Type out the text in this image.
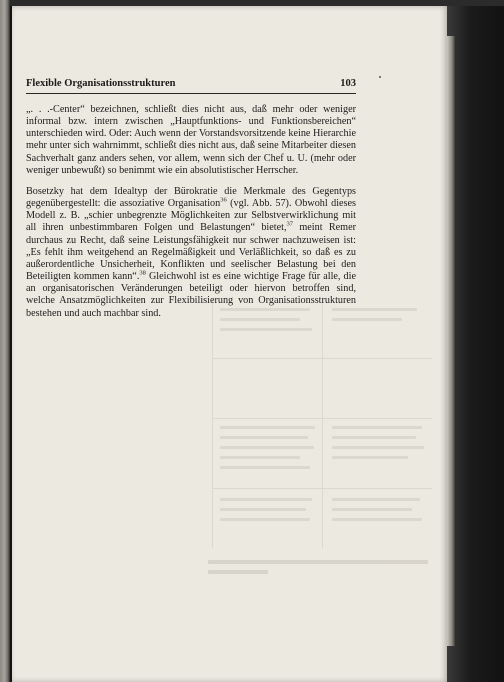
Flexible Organisationsstrukturen	103

„. . .-Center“ bezeichnen, schließt dies nicht aus, daß mehr oder weniger informal bzw. intern zwischen „Hauptfunktions- und Funktionsbereichen“ unterschieden wird. Oder: Auch wenn der Vorstandsvorsitzende keine Hierarchie mehr unter sich wahrnimmt, schließt dies nicht aus, daß seine Mitarbeiter diesen Sachverhalt ganz anders sehen, vor allem, wenn sich der Chef u. U. (mehr oder weniger unbewußt) so benimmt wie ein absolutistischer Herrscher.

Bosetzky hat dem Idealtyp der Bürokratie die Merkmale des Gegentyps gegenübergestellt: die assoziative Organisation$^{36}$ (vgl. Abb. 57). Obwohl dieses Modell z. B. „schier unbegrenzte Möglichkeiten zur Selbstverwirklichung mit all ihren unbestimmbaren Folgen und Belastungen“ bietet,$^{37}$ meint Remer durchaus zu Recht, daß seine Leistungsfähigkeit nur schwer nachzuweisen ist: „Es fehlt ihm weitgehend an Regelmäßigkeit und Verläßlichkeit, so daß es zu außerordentliche Unsicherheit, Konflikten und seelischer Belastung bei den Beteiligten kommen kann“.$^{38}$ Gleichwohl ist es eine wichtige Frage für alle, die an organisatorischen Veränderungen beteiligt oder hiervon betroffen sind, welche Ansatzmöglichkeiten zur Flexibilisierung von Organisationsstrukturen bestehen und auch machbar sind.
